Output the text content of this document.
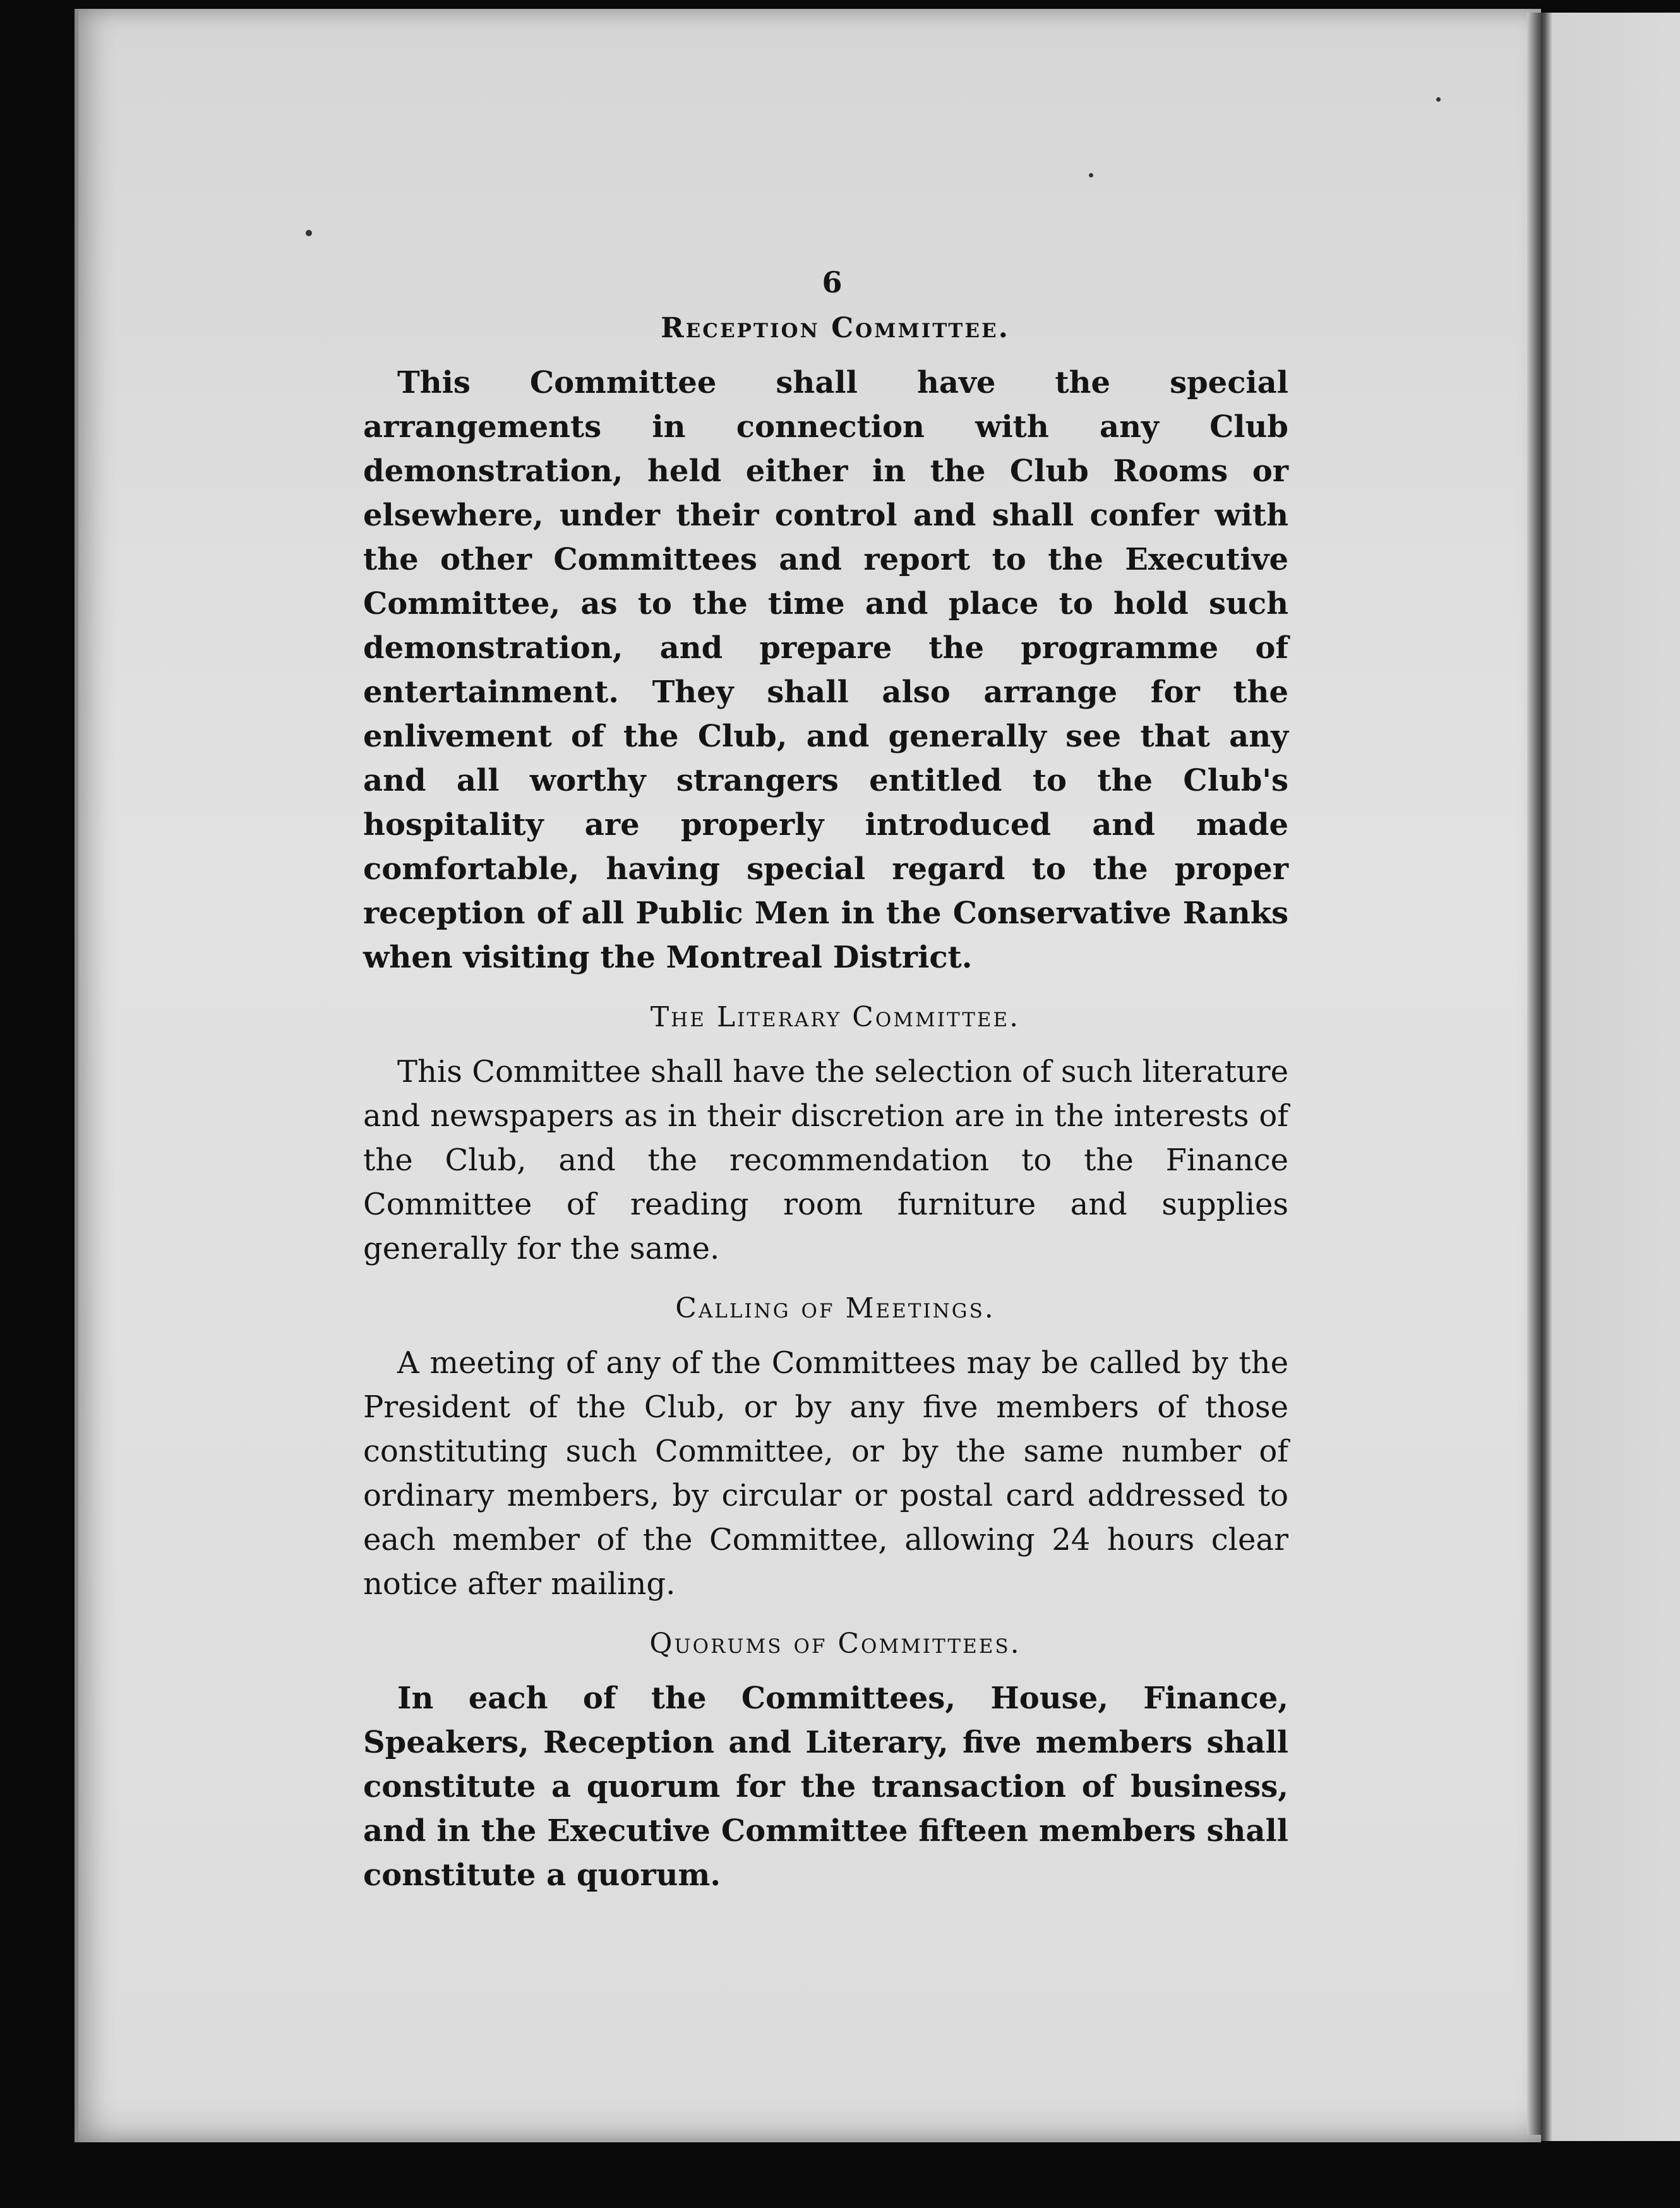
6
Reception Committee.

This Committee shall have the special arrangements in connection with any Club demonstration, held either in the Club Rooms or elsewhere, under their control and shall confer with the other Committees and report to the Executive Committee, as to the time and place to hold such demonstration, and prepare the programme of entertainment. They shall also arrange for the enlivement of the Club, and generally see that any and all worthy strangers entitled to the Club's hospitality are properly introduced and made comfortable, having special regard to the proper reception of all Public Men in the Conservative Ranks when visiting the Montreal District.

The Literary Committee.

This Committee shall have the selection of such literature and newspapers as in their discretion are in the interests of the Club, and the recommendation to the Finance Committee of reading room furniture and supplies generally for the same.

Calling of Meetings.

A meeting of any of the Committees may be called by the President of the Club, or by any five members of those constituting such Committee, or by the same number of ordinary members, by circular or postal card addressed to each member of the Committee, allowing 24 hours clear notice after mailing.

Quorums of Committees.

In each of the Committees, House, Finance, Speakers, Reception and Literary, five members shall constitute a quorum for the transaction of business, and in the Executive Committee fifteen members shall constitute a quorum.
